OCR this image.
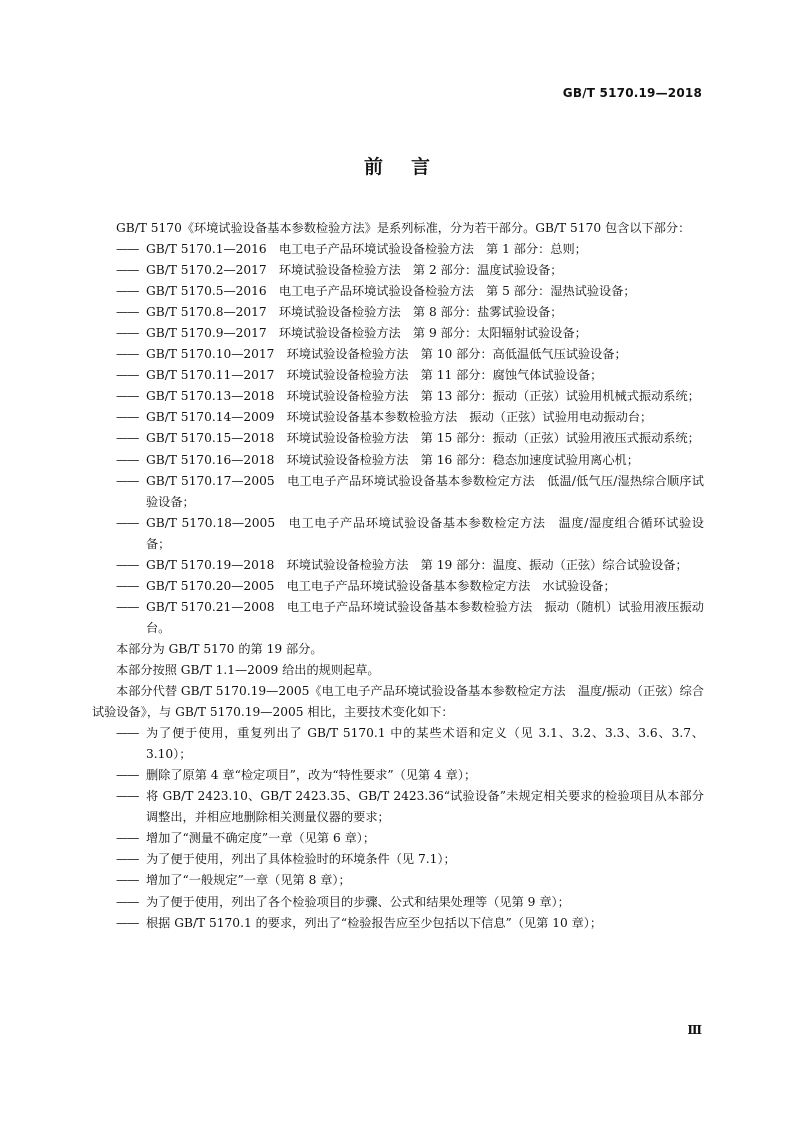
GB/T 5170.19—2018
前言

GB/T 5170《环境试验设备基本参数检验方法》是系列标准，分为若干部分。GB/T 5170 包含以下部分：

—— GB/T 5170.1—2016　电工电子产品环境试验设备检验方法　第 1 部分：总则；
—— GB/T 5170.2—2017　环境试验设备检验方法　第 2 部分：温度试验设备；
—— GB/T 5170.5—2016　电工电子产品环境试验设备检验方法　第 5 部分：湿热试验设备；
—— GB/T 5170.8—2017　环境试验设备检验方法　第 8 部分：盐雾试验设备；
—— GB/T 5170.9—2017　环境试验设备检验方法　第 9 部分：太阳辐射试验设备；
—— GB/T 5170.10—2017　环境试验设备检验方法　第 10 部分：高低温低气压试验设备；
—— GB/T 5170.11—2017　环境试验设备检验方法　第 11 部分：腐蚀气体试验设备；
—— GB/T 5170.13—2018　环境试验设备检验方法　第 13 部分：振动（正弦）试验用机械式振动系统；
—— GB/T 5170.14—2009　环境试验设备基本参数检验方法　振动（正弦）试验用电动振动台；
—— GB/T 5170.15—2018　环境试验设备检验方法　第 15 部分：振动（正弦）试验用液压式振动系统；
—— GB/T 5170.16—2018　环境试验设备检验方法　第 16 部分：稳态加速度试验用离心机；
—— GB/T 5170.17—2005　电工电子产品环境试验设备基本参数检定方法　低温/低气压/湿热综合顺序试验设备；
—— GB/T 5170.18—2005　电工电子产品环境试验设备基本参数检定方法　温度/湿度组合循环试验设备；
—— GB/T 5170.19—2018　环境试验设备检验方法　第 19 部分：温度、振动（正弦）综合试验设备；
—— GB/T 5170.20—2005　电工电子产品环境试验设备基本参数检定方法　水试验设备；
—— GB/T 5170.21—2008　电工电子产品环境试验设备基本参数检验方法　振动（随机）试验用液压振动台。

本部分为 GB/T 5170 的第 19 部分。

本部分按照 GB/T 1.1—2009 给出的规则起草。

本部分代替 GB/T 5170.19—2005《电工电子产品环境试验设备基本参数检定方法　温度/振动（正弦）综合试验设备》，与 GB/T 5170.19—2005 相比，主要技术变化如下：

—— 为了便于使用，重复列出了 GB/T 5170.1 中的某些术语和定义（见 3.1、3.2、3.3、3.6、3.7、3.10）；
—— 删除了原第 4 章“检定项目”，改为“特性要求”（见第 4 章）；
—— 将 GB/T 2423.10、GB/T 2423.35、GB/T 2423.36“试验设备”未规定相关要求的检验项目从本部分调整出，并相应地删除相关测量仪器的要求；
—— 增加了“测量不确定度”一章（见第 6 章）；
—— 为了便于使用，列出了具体检验时的环境条件（见 7.1）；
—— 增加了“一般规定”一章（见第 8 章）；
—— 为了便于使用，列出了各个检验项目的步骤、公式和结果处理等（见第 9 章）；
—— 根据 GB/T 5170.1 的要求，列出了“检验报告应至少包括以下信息”（见第 10 章）；
Ⅲ
